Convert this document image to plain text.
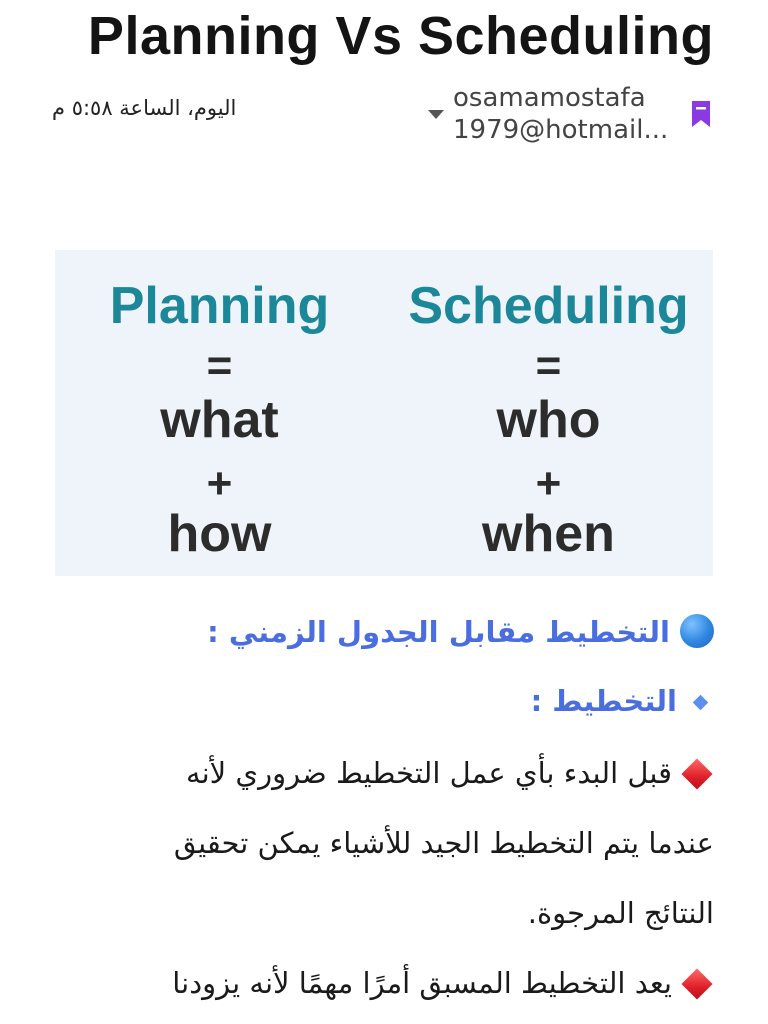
Planning Vs Scheduling
osamamostafa
1979@hotmail...
اليوم، الساعة ٥:٥٨ م
Planning
=
what
+
how
Scheduling
=
who
+
when
التخطيط مقابل الجدول الزمني :
التخطيط :
قبل البدء بأي عمل التخطيط ضروري لأنه
عندما يتم التخطيط الجيد للأشياء يمكن تحقيق
النتائج المرجوة.
يعد التخطيط المسبق أمرًا مهمًا لأنه يزودنا
